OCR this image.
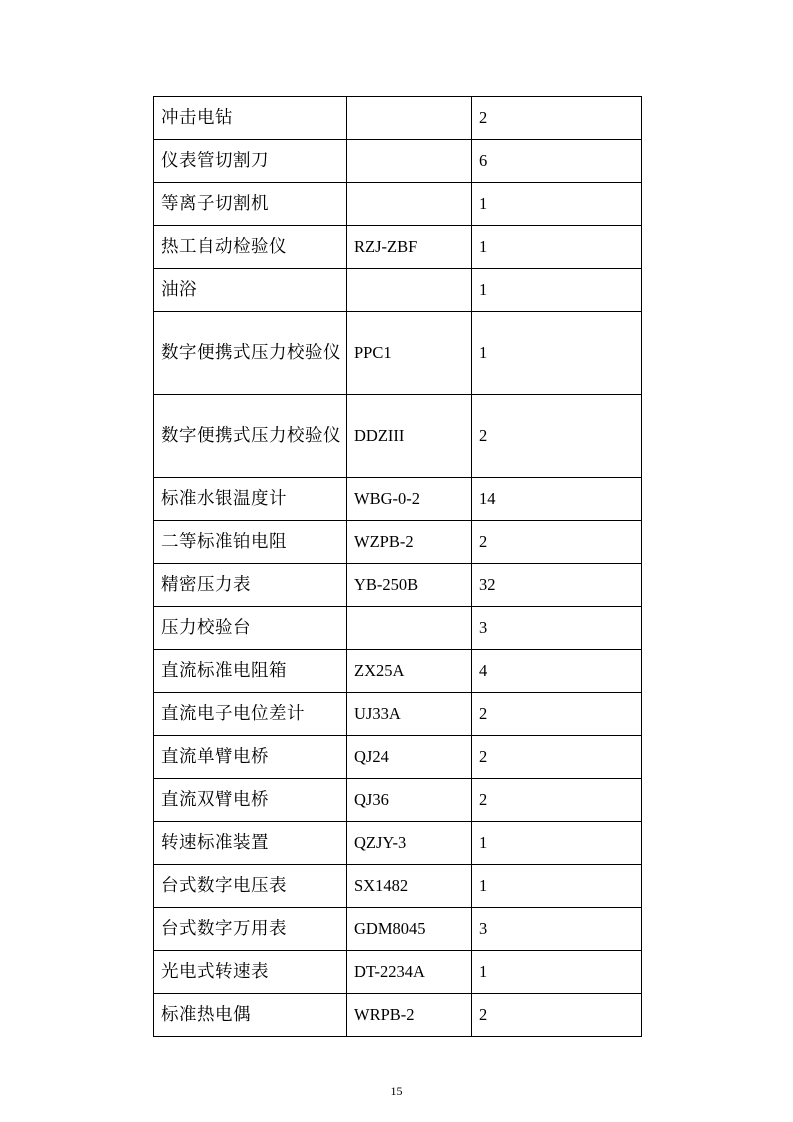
冲击电钻		2
仪表管切割刀		6
等离子切割机		1
热工自动检验仪	RZJ-ZBF	1
油浴		1
数字便携式压力校验仪	PPC1	1
数字便携式压力校验仪	DDZIII	2
标准水银温度计	WBG-0-2	14
二等标准铂电阻	WZPB-2	2
精密压力表	YB-250B	32
压力校验台		3
直流标准电阻箱	ZX25A	4
直流电子电位差计	UJ33A	2
直流单臂电桥	QJ24	2
直流双臂电桥	QJ36	2
转速标准装置	QZJY-3	1
台式数字电压表	SX1482	1
台式数字万用表	GDM8045	3
光电式转速表	DT-2234A	1
标准热电偶	WRPB-2	2
15
